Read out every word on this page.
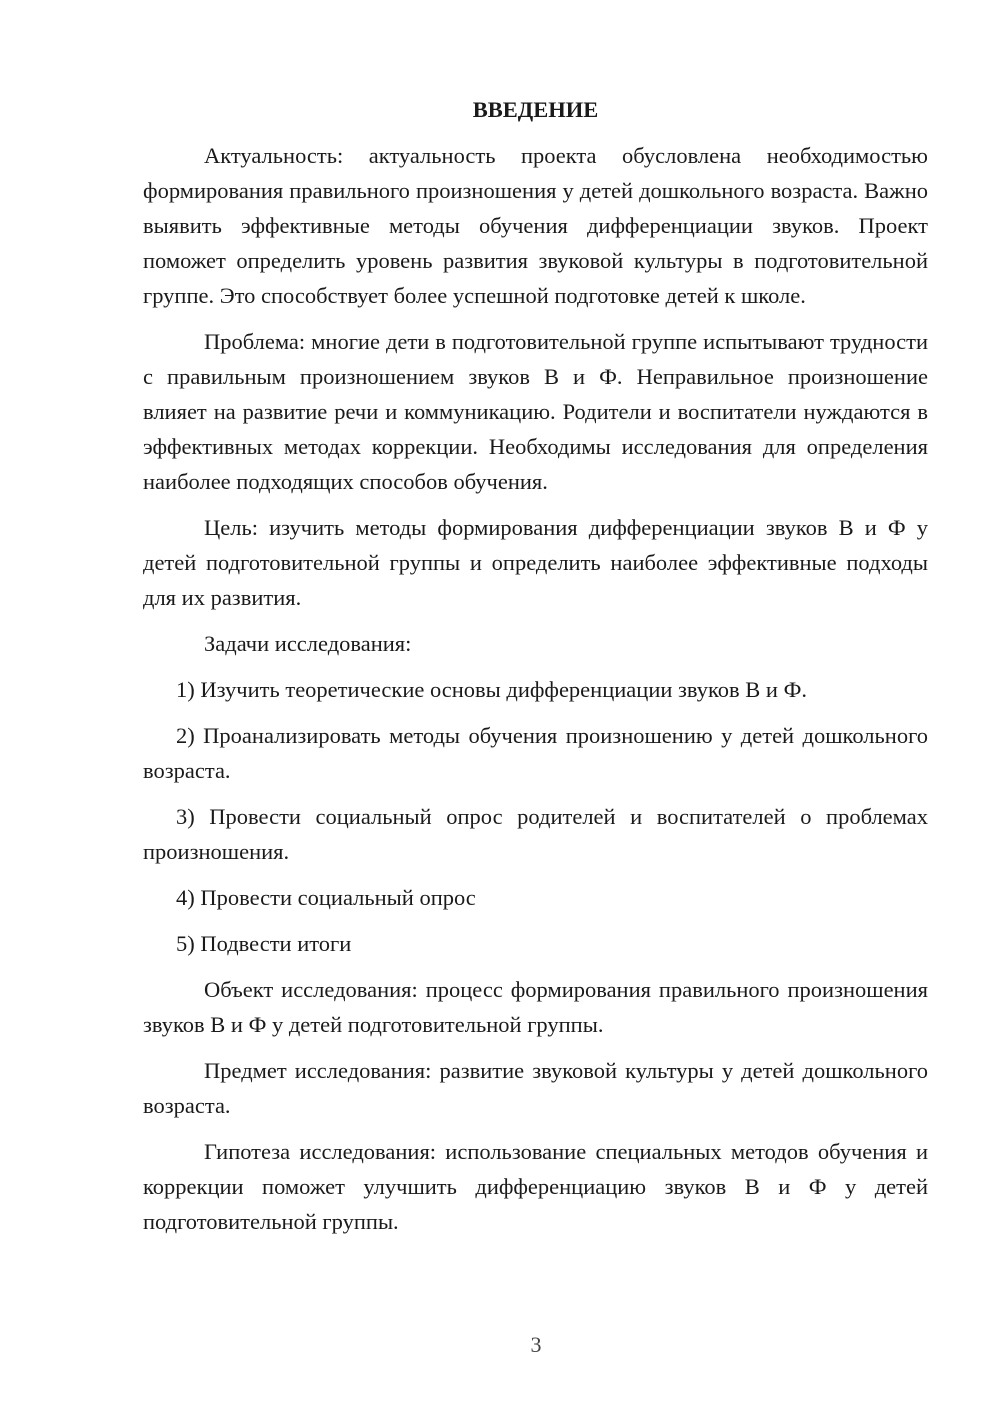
ВВЕДЕНИЕ

Актуальность: актуальность проекта обусловлена необходимостью формирования правильного произношения у детей дошкольного возраста. Важно выявить эффективные методы обучения дифференциации звуков. Проект поможет определить уровень развития звуковой культуры в подготовительной группе. Это способствует более успешной подготовке детей к школе.

Проблема: многие дети в подготовительной группе испытывают трудности с правильным произношением звуков В и Ф. Неправильное произношение влияет на развитие речи и коммуникацию. Родители и воспитатели нуждаются в эффективных методах коррекции. Необходимы исследования для определения наиболее подходящих способов обучения.

Цель: изучить методы формирования дифференциации звуков В и Ф у детей подготовительной группы и определить наиболее эффективные подходы для их развития.

Задачи исследования:

1) Изучить теоретические основы дифференциации звуков В и Ф.

2) Проанализировать методы обучения произношению у детей дошкольного возраста.

3) Провести социальный опрос родителей и воспитателей о проблемах произношения.

4) Провести социальный опрос

5) Подвести итоги

Объект исследования: процесс формирования правильного произношения звуков В и Ф у детей подготовительной группы.

Предмет исследования: развитие звуковой культуры у детей дошкольного возраста.

Гипотеза исследования: использование специальных методов обучения и коррекции поможет улучшить дифференциацию звуков В и Ф у детей подготовительной группы.

3
